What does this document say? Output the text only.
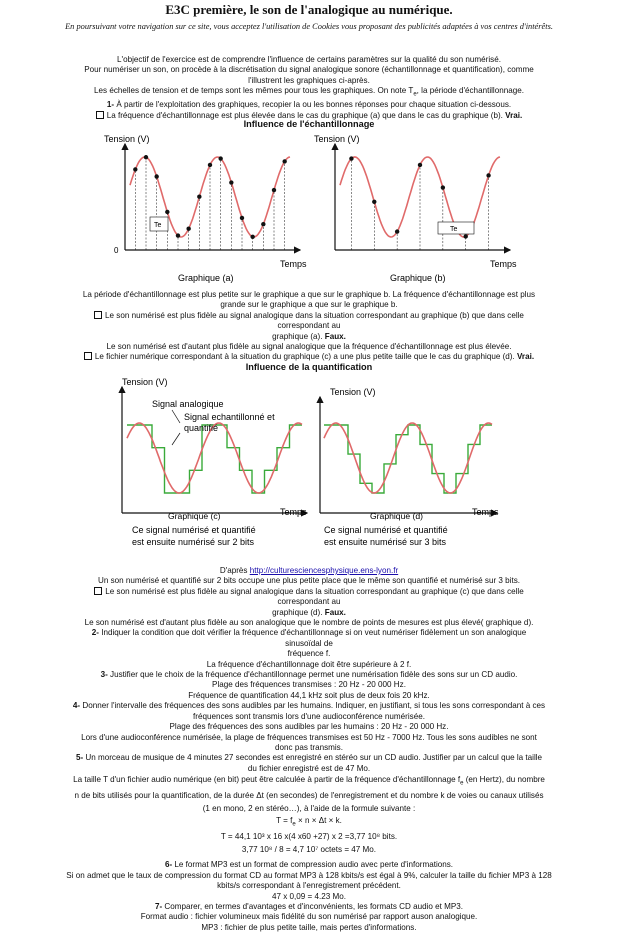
E3C première, le son de l'analogique au numérique.
En poursuivant votre navigation sur ce site, vous acceptez l'utilisation de Cookies vous proposant des publicités adaptées à vos centres d'intérêts.
L'objectif de l'exercice est de comprendre l'influence de certains paramètres sur la qualité du son numérisé.
Pour numériser un son, on procède à la discrétisation du signal analogique sonore (échantillonnage et quantification), comme
l'illustrent les graphiques ci-après.
Les échelles de tension et de temps sont les mêmes pour tous les graphiques. On note $T_e$, la période d'échantillonnage.
1- À partir de l'exploitation des graphiques, recopier la ou les bonnes réponses pour chaque situation ci-dessous.
La fréquence d'échantillonnage est plus élevée dans le cas du graphique (a) que dans le cas du graphique (b). Vrai.
Influence de l'échantillonnage
Te
Te
Tension (V)	Tension (V)
0
Temps	Temps
Graphique (a)	Graphique (b)
La période d'échantillonnage est plus petite sur le graphique a que sur le graphique b. La fréquence d'échantillonnage est plus
grande sur le graphique a que sur le graphique b.
Le son numérisé est plus fidèle au signal analogique dans la situation correspondant au graphique (b) que dans celle
correspondant au
graphique (a). Faux.
Le son numérisé est d'autant plus fidèle au signal analogique que la fréquence d'échantillonnage est plus élevée.
Le fichier numérique correspondant à la situation du graphique (c) a une plus petite taille que le cas du graphique (d). Vrai.
Influence de la quantification
Tension (V)
Tension (V)
Signal analogique
Signal echantillonné et
quantifié
Graphique (c)	Graphique (d)
Temps	Temps
Ce signal numérisé et quantifié
est ensuite numérisé sur 2 bits
Ce signal numérisé et quantifié
est ensuite numérisé sur 3 bits
D'après http://culturesciencesphysique.ens-lyon.fr
Un son numérisé et quantifié sur 2 bits occupe une plus petite place que le même son quantifié et numérisé sur 3 bits.
Le son numérisé est plus fidèle au signal analogique dans la situation correspondant au graphique (c) que dans celle
correspondant au
graphique (d). Faux.
Le son numérisé est d'autant plus fidèle au son analogique que le nombre de points de mesures est plus élevé( graphique d).
2- Indiquer la condition que doit vérifier la fréquence d'échantillonnage si on veut numériser fidèlement un son analogique
sinusoïdal de
fréquence f.
La fréquence d'échantillonnage doit être supérieure à 2 f.
3- Justifier que le choix de la fréquence d'échantillonnage permet une numérisation fidèle des sons sur un CD audio.
Plage des fréquences transmises : 20 Hz - 20 000 Hz.
Fréquence de quantification 44,1 kHz soit plus de deux fois 20 kHz.
4- Donner l'intervalle des fréquences des sons audibles par les humains. Indiquer, en justifiant, si tous les sons correspondant à ces
fréquences sont transmis lors d'une audioconférence numérisée.
Plage des fréquences des sons audibles par les humains : 20 Hz - 20 000 Hz.
Lors d'une audioconférence numérisée, la plage de fréquences transmises est 50 Hz - 7000 Hz. Tous les sons audibles ne sont
donc pas transmis.
5- Un morceau de musique de 4 minutes 27 secondes est enregistré en stéréo sur un CD audio. Justifier par un calcul que la taille
du fichier enregistré est de 47 Mo.
La taille T d'un fichier audio numérique (en bit) peut être calculée à partir de la fréquence d'échantillonnage $f_e$ (en Hertz), du nombre
n de bits utilisés pour la quantification, de la durée Δt (en secondes) de l'enregistrement et du nombre k de voies ou canaux utilisés
(1 en mono, 2 en stéréo…), à l'aide de la formule suivante :
$T = f_e \times n \times \Delta t \times k$.
T = 44,1 10³ x 16 x(4 x60 +27) x 2 =3,77 10⁸ bits.
3,77 10⁸ / 8 = 4,7 10⁷ octets = 47 Mo.
6- Le format MP3 est un format de compression audio avec perte d'informations.
Si on admet que le taux de compression du format CD au format MP3 à 128 kbits/s est égal à 9%, calculer la taille du fichier MP3 à 128
kbits/s correspondant à l'enregistrement précédent.
47 x 0,09 = 4.23 Mo.
7- Comparer, en termes d'avantages et d'inconvénients, les formats CD audio et MP3.
Format audio : fichier volumineux mais fidélité du son numérisé par rapport auson analogique.
MP3 : fichier de plus petite taille, mais pertes d'informations.
